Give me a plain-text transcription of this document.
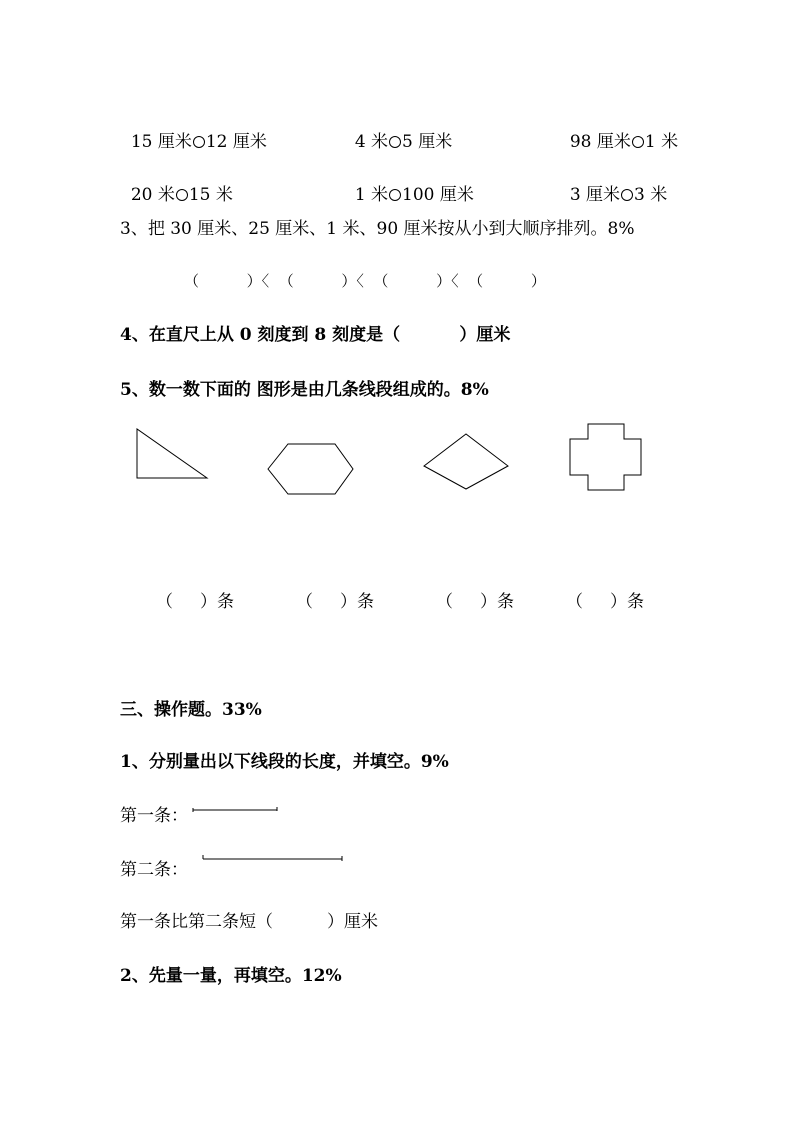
15 厘米 12 厘米	4 米 5 厘米	98 厘米 1 米

20 米 15 米	1 米 100 厘米	3 厘米 3 米

3、把 30 厘米、25 厘米、1 米、90 厘米按从小到大顺序排列。8%
（          ）〈  （          ）〈  （          ）〈  （          ）
4、在直尺上从 0 刻度到 8 刻度是（          ）厘米
5、数一数下面的 图形是由几条线段组成的。8%
（     ）条	（     ）条	（     ）条	（     ）条
三、操作题。33%
1、分别量出以下线段的长度，并填空。9%
第一条：
第二条：
第一条比第二条短（          ）厘米
2、先量一量，再填空。12%
